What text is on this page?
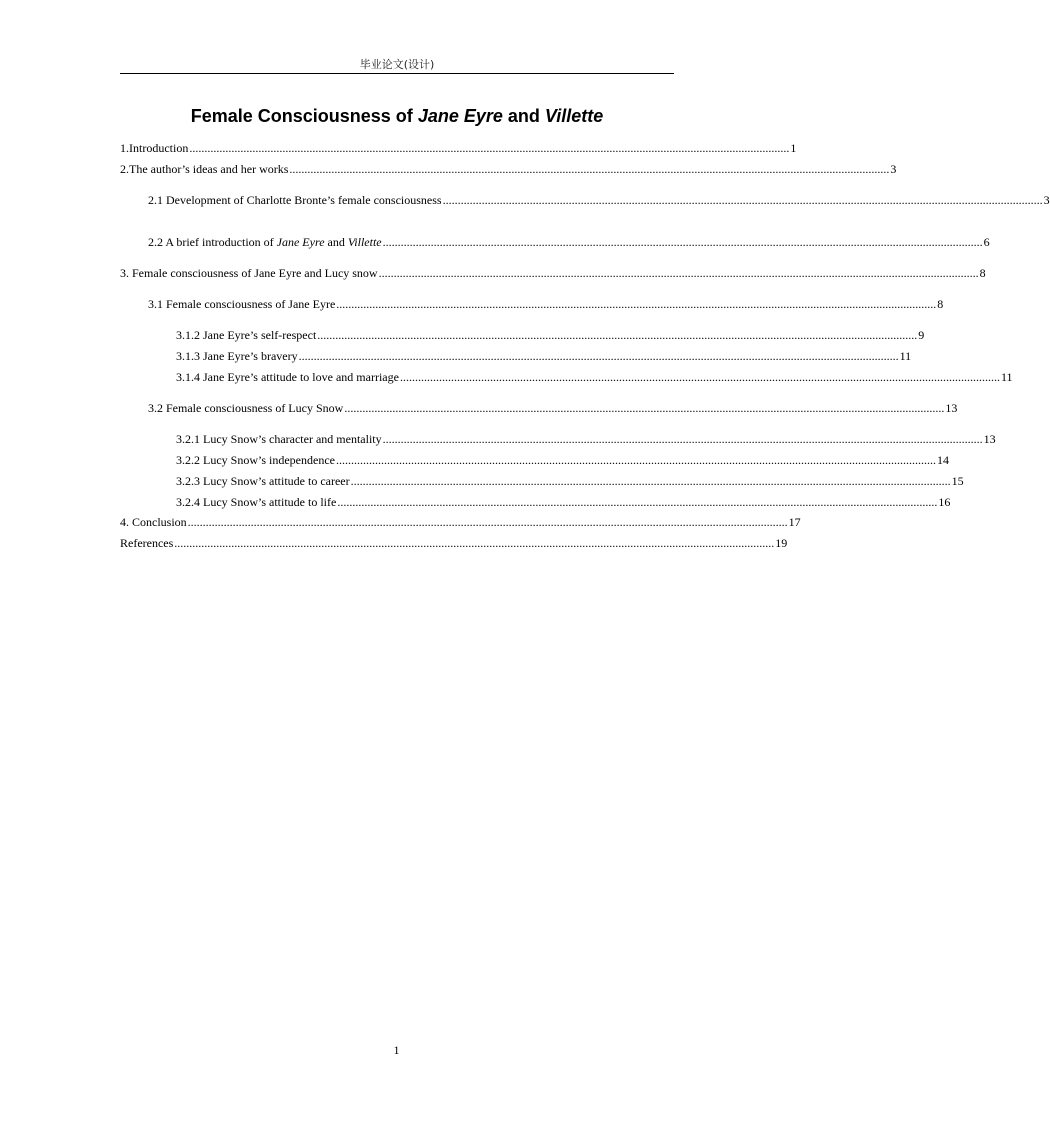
毕业论文(设计)
Female Consciousness of Jane Eyre and Villette
1.Introduction ........................................................................................................................................................................................................ 1
2.The author’s ideas and her works ........................................................................................................................................................................................................ 3
2.1 Development of Charlotte Bronte’s female consciousness ........................................................................................................................................................................................................ 3
2.2 A brief introduction of Jane Eyre and Villette ........................................................................................................................................................................................................ 6
3. Female consciousness of Jane Eyre and Lucy snow ........................................................................................................................................................................................................ 8
3.1 Female consciousness of Jane Eyre ........................................................................................................................................................................................................ 8
3.1.2 Jane Eyre’s self-respect ........................................................................................................................................................................................................ 9
3.1.3 Jane Eyre’s bravery ........................................................................................................................................................................................................ 11
3.1.4 Jane Eyre’s attitude to love and marriage ........................................................................................................................................................................................................ 11
3.2 Female consciousness of Lucy Snow ........................................................................................................................................................................................................ 13
3.2.1 Lucy Snow’s character and mentality ........................................................................................................................................................................................................ 13
3.2.2 Lucy Snow’s independence ........................................................................................................................................................................................................ 14
3.2.3 Lucy Snow’s attitude to career ........................................................................................................................................................................................................ 15
3.2.4 Lucy Snow’s attitude to life ........................................................................................................................................................................................................ 16
4. Conclusion ........................................................................................................................................................................................................ 17
References ........................................................................................................................................................................................................ 19
1
